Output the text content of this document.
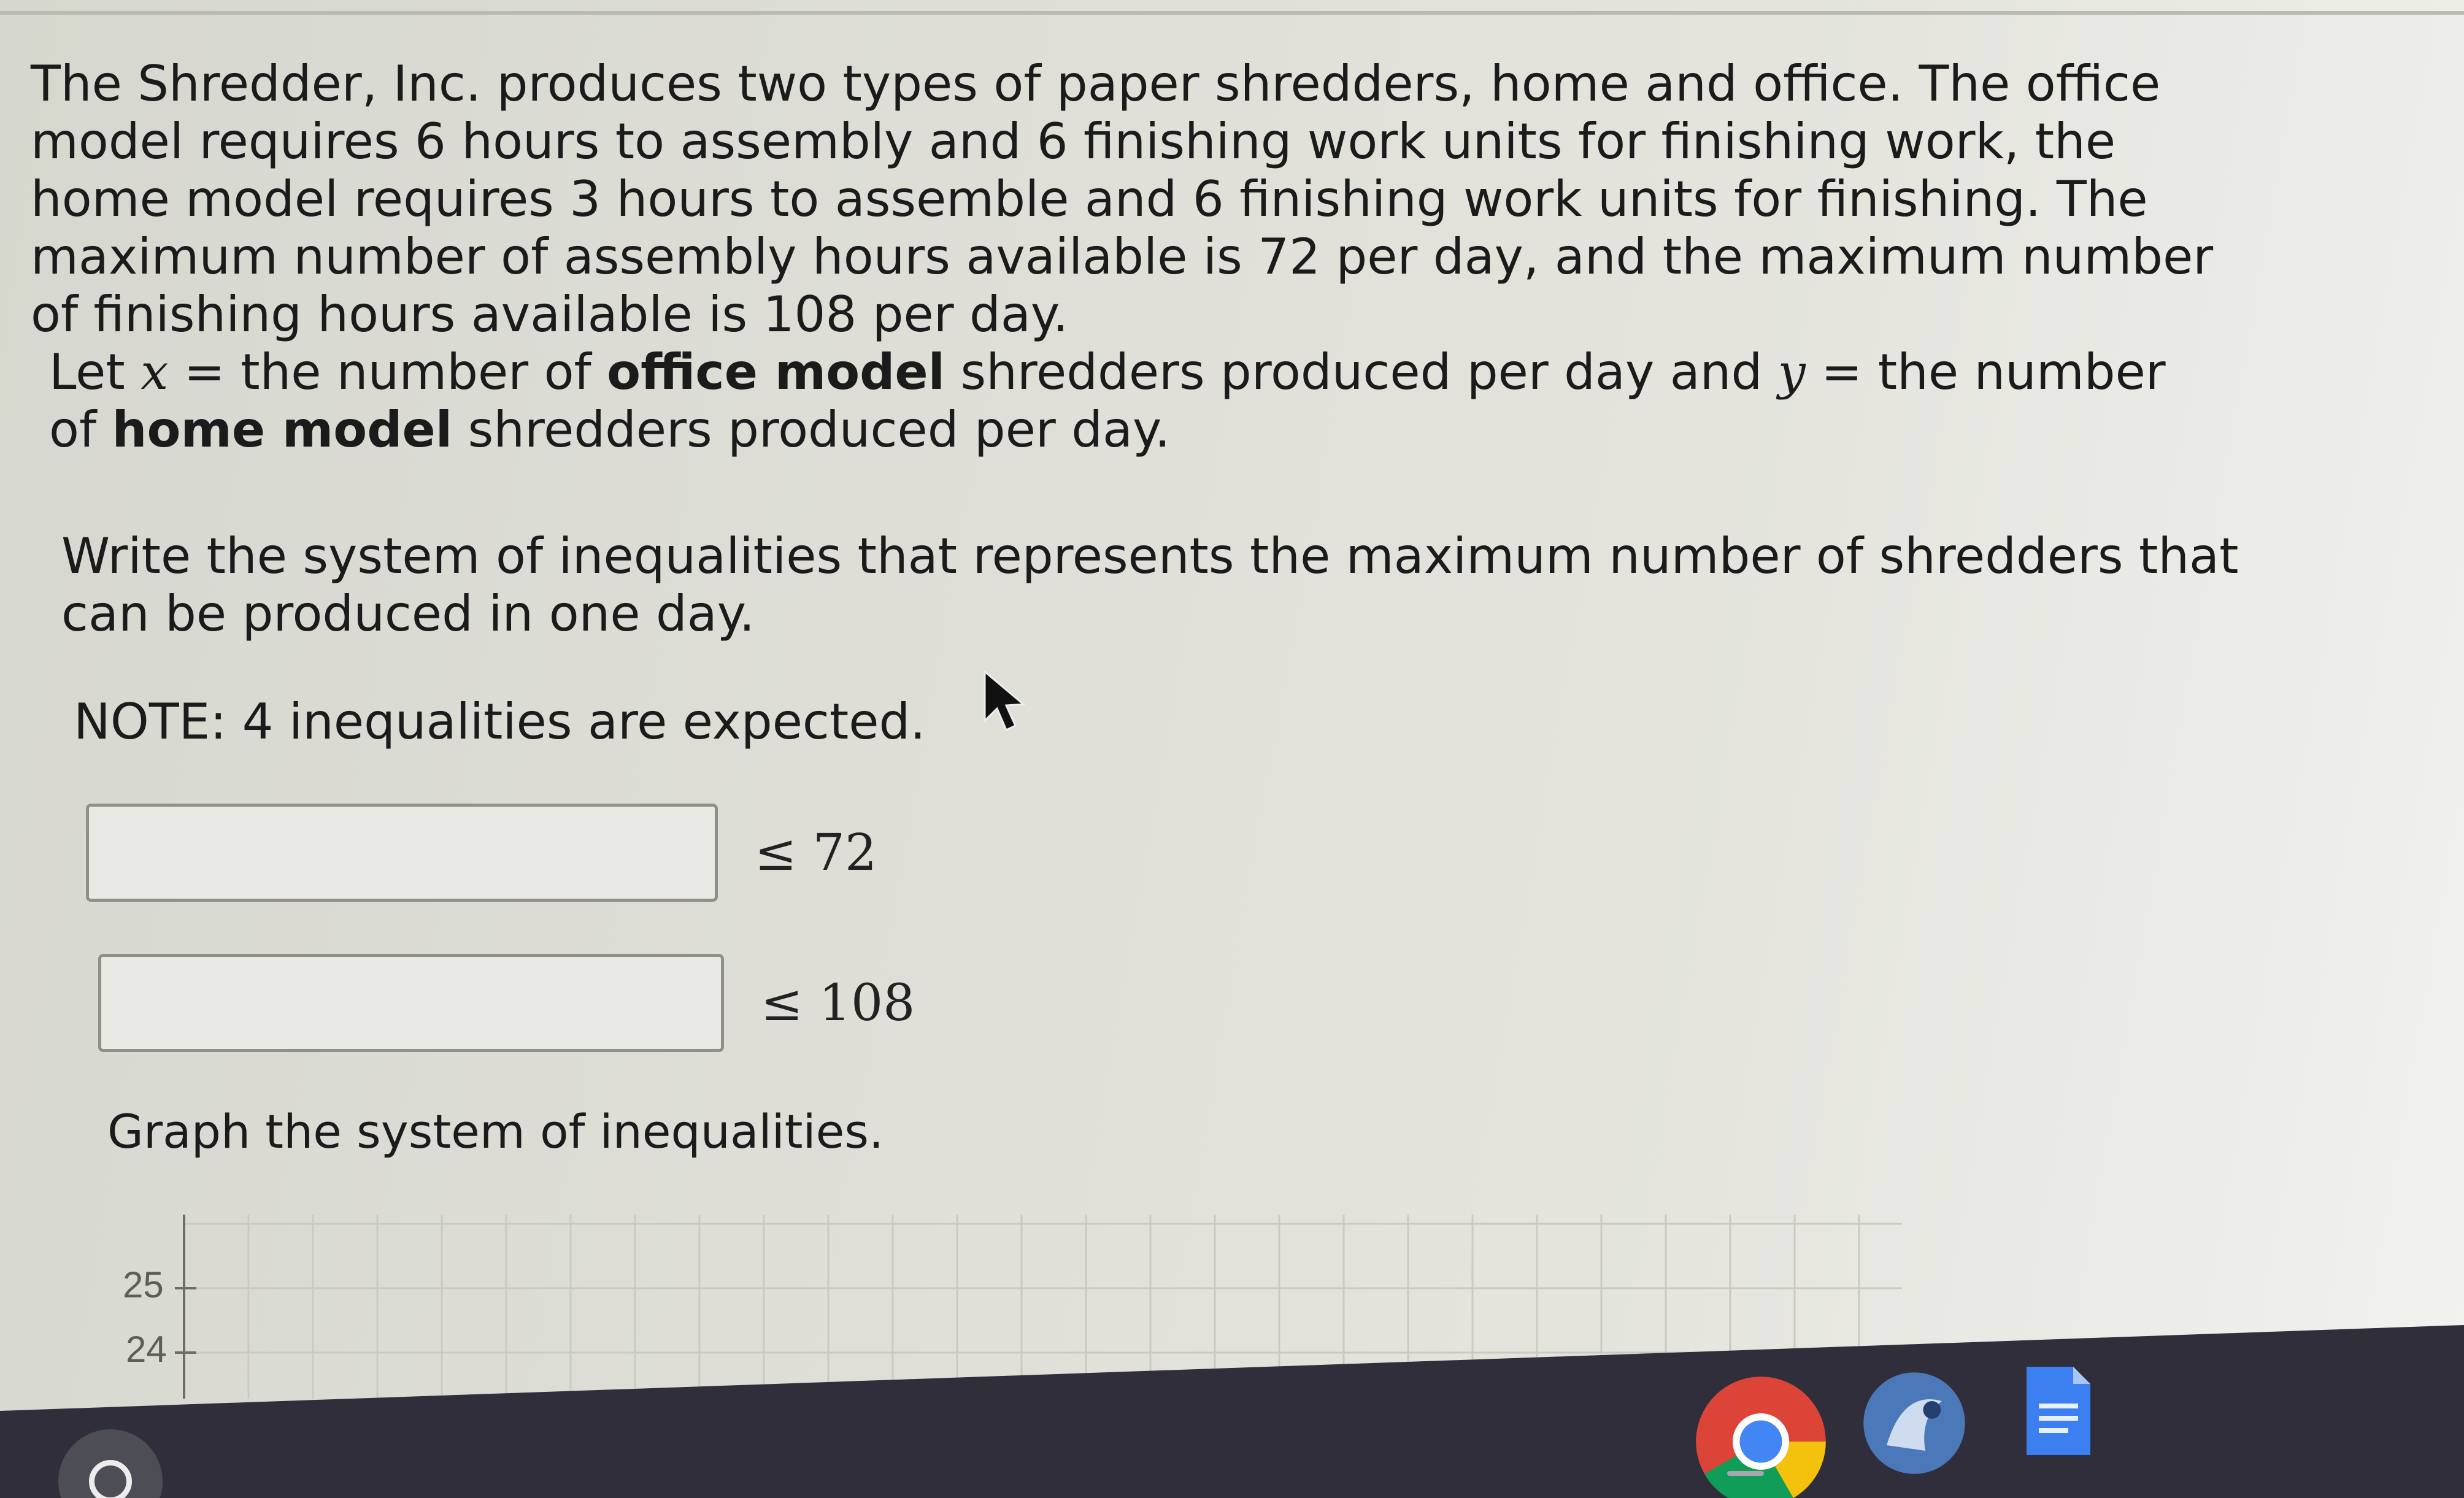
The Shredder, Inc. produces two types of paper shredders, home and office. The office model requires 6 hours to assembly and 6 finishing work units for finishing work, the home model requires 3 hours to assemble and 6 finishing work units for finishing. The maximum number of assembly hours available is 72 per day, and the maximum number of finishing hours available is 108 per day.

Let x = the number of office model shredders produced per day and y = the number of home model shredders produced per day.

Write the system of inequalities that represents the maximum number of shredders that can be produced in one day.

NOTE: 4 inequalities are expected.

≤ 72
≤ 108
Graph the system of inequalities.
25
24
